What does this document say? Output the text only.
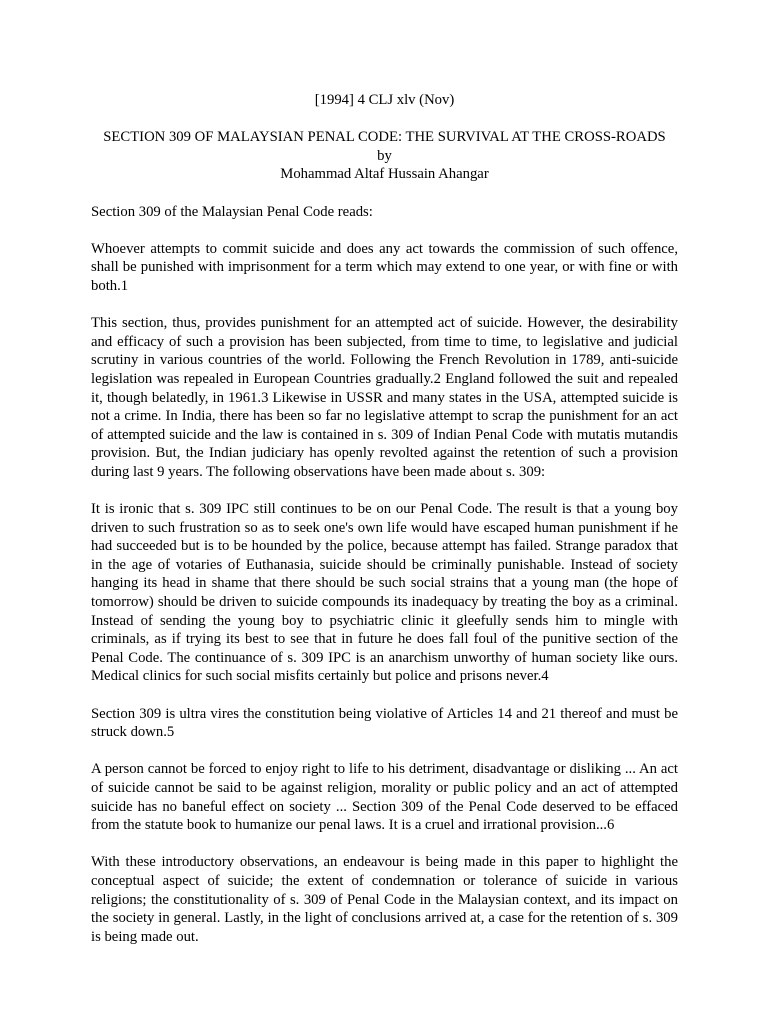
[1994] 4 CLJ xlv (Nov)
SECTION 309 OF MALAYSIAN PENAL CODE: THE SURVIVAL AT THE CROSS-ROADS
by
Mohammad Altaf Hussain Ahangar

Section 309 of the Malaysian Penal Code reads:

Whoever attempts to commit suicide and does any act towards the commission of such offence, shall be punished with imprisonment for a term which may extend to one year, or with fine or with both.1

This section, thus, provides punishment for an attempted act of suicide. However, the desirability and efficacy of such a provision has been subjected, from time to time, to legislative and judicial scrutiny in various countries of the world. Following the French Revolution in 1789, anti-suicide legislation was repealed in European Countries gradually.2 England followed the suit and repealed it, though belatedly, in 1961.3 Likewise in USSR and many states in the USA, attempted suicide is not a crime. In India, there has been so far no legislative attempt to scrap the punishment for an act of attempted suicide and the law is contained in s. 309 of Indian Penal Code with mutatis mutandis provision. But, the Indian judiciary has openly revolted against the retention of such a provision during last 9 years. The following observations have been made about s. 309:

It is ironic that s. 309 IPC still continues to be on our Penal Code. The result is that a young boy driven to such frustration so as to seek one's own life would have escaped human punishment if he had succeeded but is to be hounded by the police, because attempt has failed. Strange paradox that in the age of votaries of Euthanasia, suicide should be criminally punishable. Instead of society hanging its head in shame that there should be such social strains that a young man (the hope of tomorrow) should be driven to suicide compounds its inadequacy by treating the boy as a criminal. Instead of sending the young boy to psychiatric clinic it gleefully sends him to mingle with criminals, as if trying its best to see that in future he does fall foul of the punitive section of the Penal Code. The continuance of s. 309 IPC is an anarchism unworthy of human society like ours. Medical clinics for such social misfits certainly but police and prisons never.4

Section 309 is ultra vires the constitution being violative of Articles 14 and 21 thereof and must be struck down.5

A person cannot be forced to enjoy right to life to his detriment, disadvantage or disliking ... An act of suicide cannot be said to be against religion, morality or public policy and an act of attempted suicide has no baneful effect on society ... Section 309 of the Penal Code deserved to be effaced from the statute book to humanize our penal laws. It is a cruel and irrational provision...6

With these introductory observations, an endeavour is being made in this paper to highlight the conceptual aspect of suicide; the extent of condemnation or tolerance of suicide in various religions; the constitutionality of s. 309 of Penal Code in the Malaysian context, and its impact on the society in general. Lastly, in the light of conclusions arrived at, a case for the retention of s. 309 is being made out.
